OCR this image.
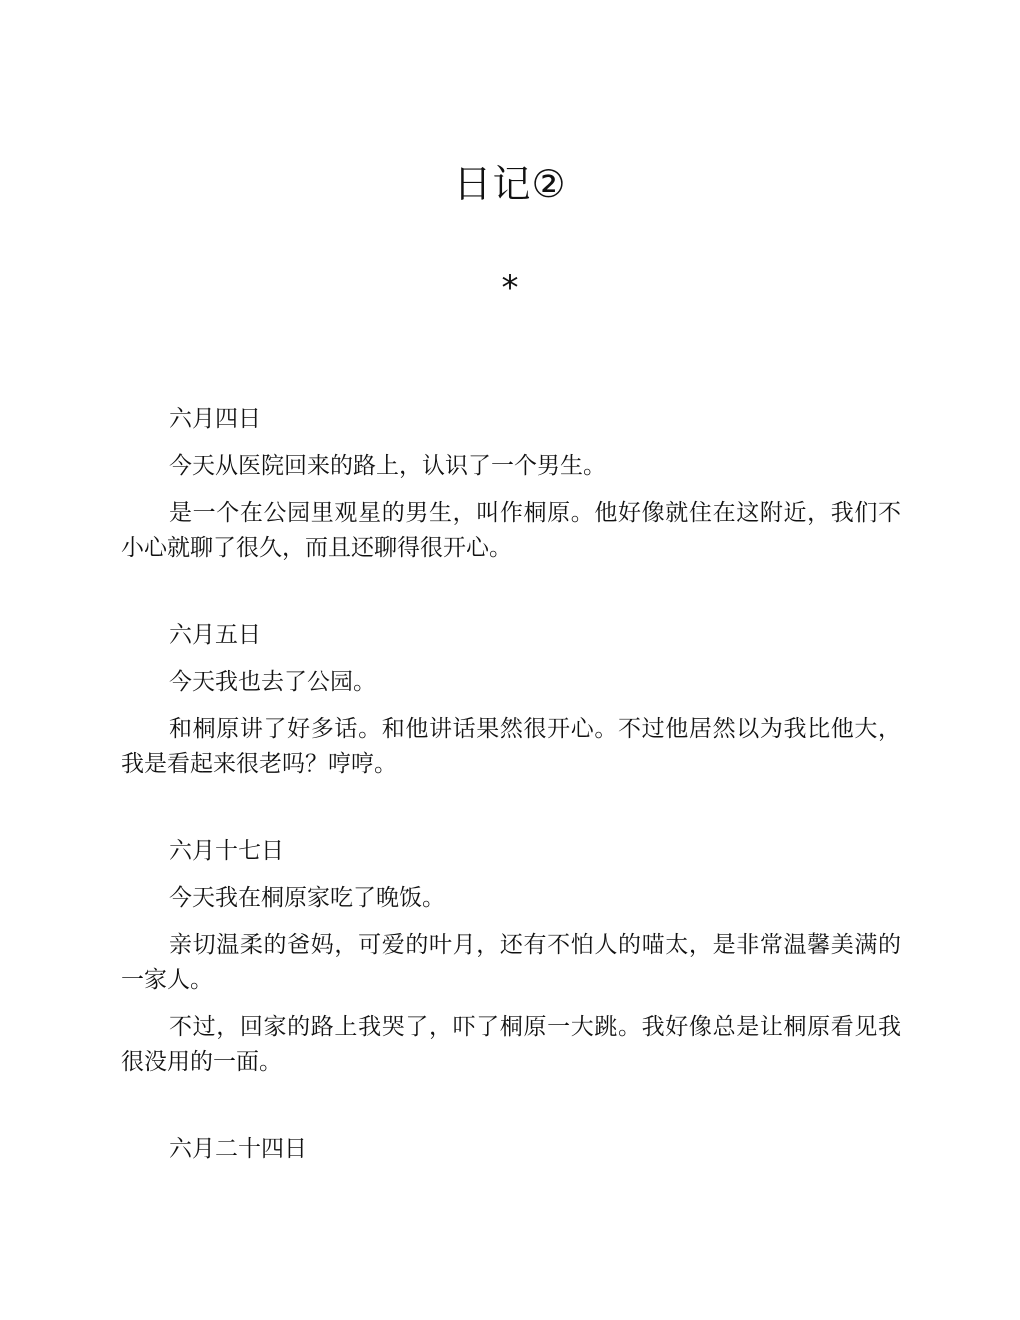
日记②
*

六月四日

今天从医院回来的路上，认识了一个男生。

是一个在公园里观星的男生，叫作桐原。他好像就住在这附近，我们不小心就聊了很久，而且还聊得很开心。

六月五日

今天我也去了公园。

和桐原讲了好多话。和他讲话果然很开心。不过他居然以为我比他大，我是看起来很老吗？哼哼。

六月十七日

今天我在桐原家吃了晚饭。

亲切温柔的爸妈，可爱的叶月，还有不怕人的喵太，是非常温馨美满的一家人。

不过，回家的路上我哭了，吓了桐原一大跳。我好像总是让桐原看见我很没用的一面。

六月二十四日
